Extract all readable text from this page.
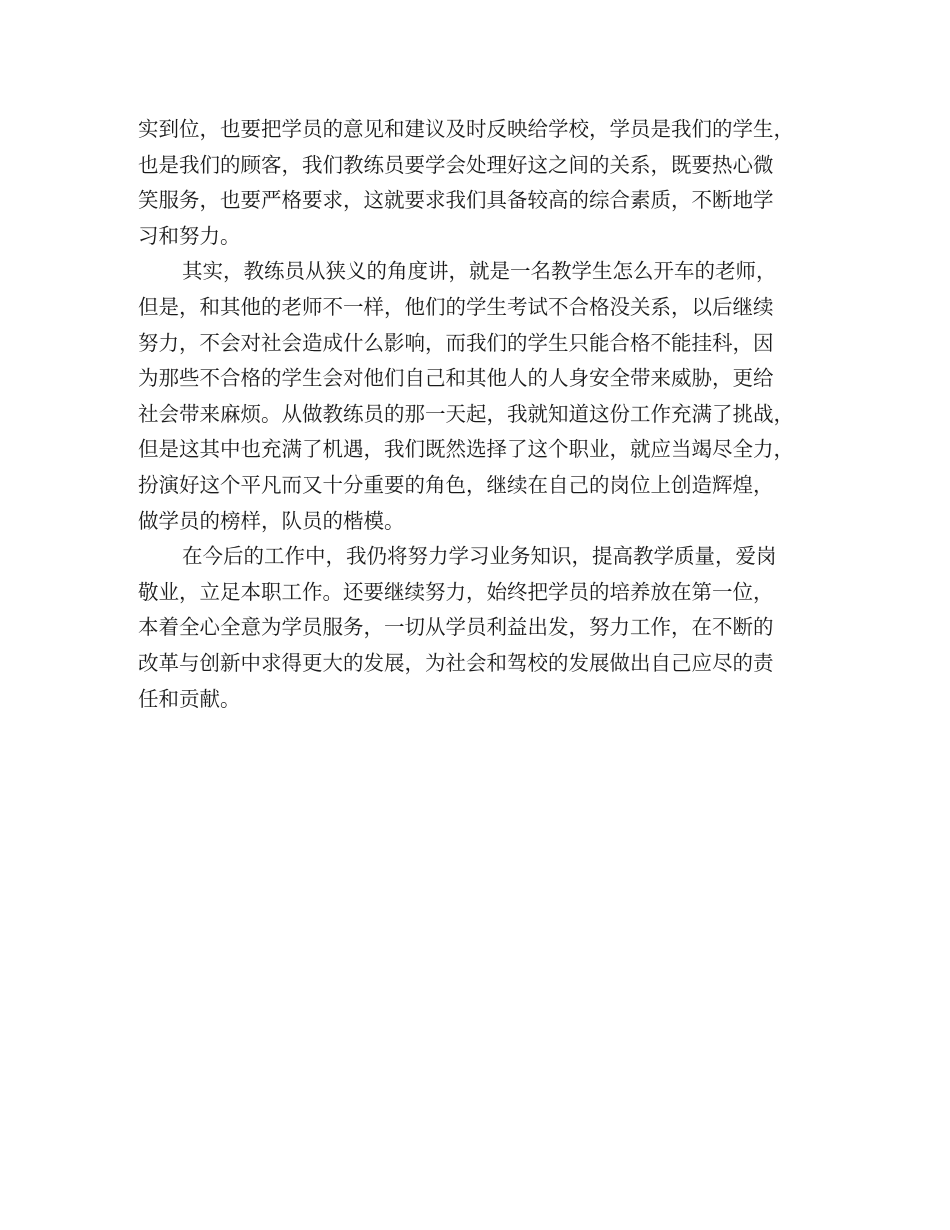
实到位，也要把学员的意见和建议及时反映给学校，学员是我们的学生，
也是我们的顾客，我们教练员要学会处理好这之间的关系，既要热心微
笑服务，也要严格要求，这就要求我们具备较高的综合素质，不断地学
习和努力。
其实，教练员从狭义的角度讲，就是一名教学生怎么开车的老师，
但是，和其他的老师不一样，他们的学生考试不合格没关系，以后继续
努力，不会对社会造成什么影响，而我们的学生只能合格不能挂科，因
为那些不合格的学生会对他们自己和其他人的人身安全带来威胁，更给
社会带来麻烦。从做教练员的那一天起，我就知道这份工作充满了挑战，
但是这其中也充满了机遇，我们既然选择了这个职业，就应当竭尽全力，
扮演好这个平凡而又十分重要的角色，继续在自己的岗位上创造辉煌，
做学员的榜样，队员的楷模。
在今后的工作中，我仍将努力学习业务知识，提高教学质量，爱岗
敬业，立足本职工作。还要继续努力，始终把学员的培养放在第一位，
本着全心全意为学员服务，一切从学员利益出发，努力工作，在不断的
改革与创新中求得更大的发展，为社会和驾校的发展做出自己应尽的责
任和贡献。
